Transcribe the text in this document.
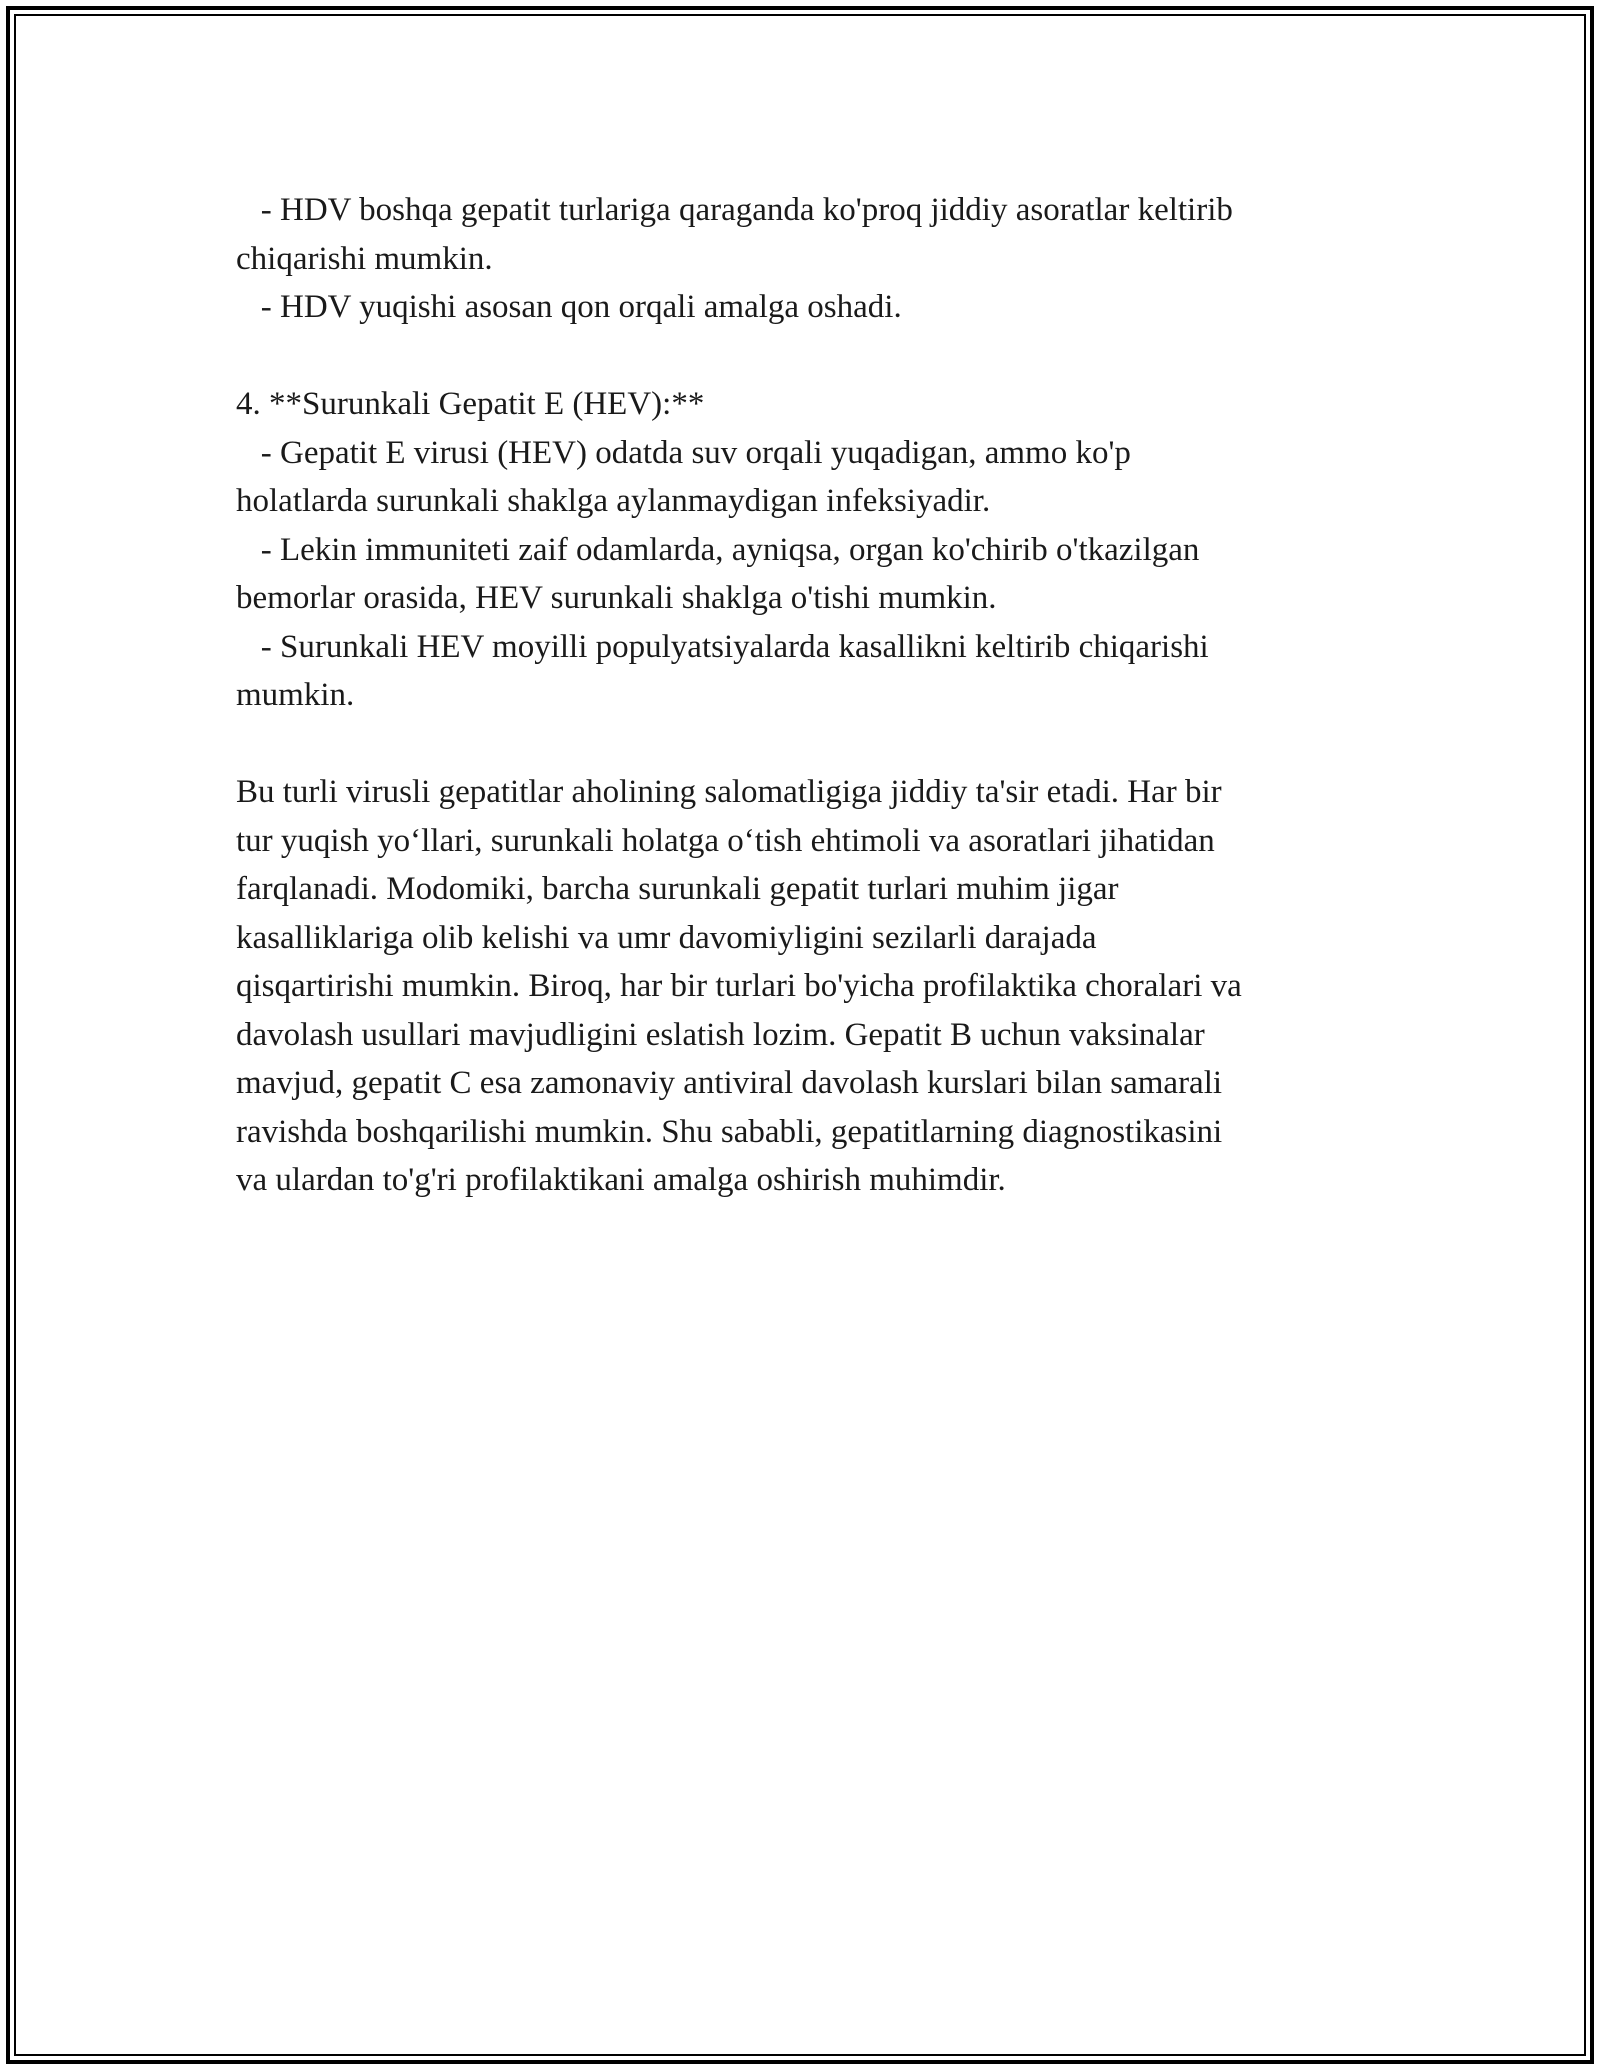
- HDV boshqa gepatit turlariga qaraganda ko'proq jiddiy asoratlar keltirib
chiqarishi mumkin.
- HDV yuqishi asosan qon orqali amalga oshadi.
4. **Surunkali Gepatit E (HEV):**
- Gepatit E virusi (HEV) odatda suv orqali yuqadigan, ammo ko'p
holatlarda surunkali shaklga aylanmaydigan infeksiyadir.
- Lekin immuniteti zaif odamlarda, ayniqsa, organ ko'chirib o'tkazilgan
bemorlar orasida, HEV surunkali shaklga o'tishi mumkin.
- Surunkali HEV moyilli populyatsiyalarda kasallikni keltirib chiqarishi
mumkin.
Bu turli virusli gepatitlar aholining salomatligiga jiddiy ta'sir etadi. Har bir
tur yuqish yo‘llari, surunkali holatga o‘tish ehtimoli va asoratlari jihatidan
farqlanadi. Modomiki, barcha surunkali gepatit turlari muhim jigar
kasalliklariga olib kelishi va umr davomiyligini sezilarli darajada
qisqartirishi mumkin. Biroq, har bir turlari bo'yicha profilaktika choralari va
davolash usullari mavjudligini eslatish lozim. Gepatit B uchun vaksinalar
mavjud, gepatit C esa zamonaviy antiviral davolash kurslari bilan samarali
ravishda boshqarilishi mumkin. Shu sababli, gepatitlarning diagnostikasini
va ulardan to'g'ri profilaktikani amalga oshirish muhimdir.
